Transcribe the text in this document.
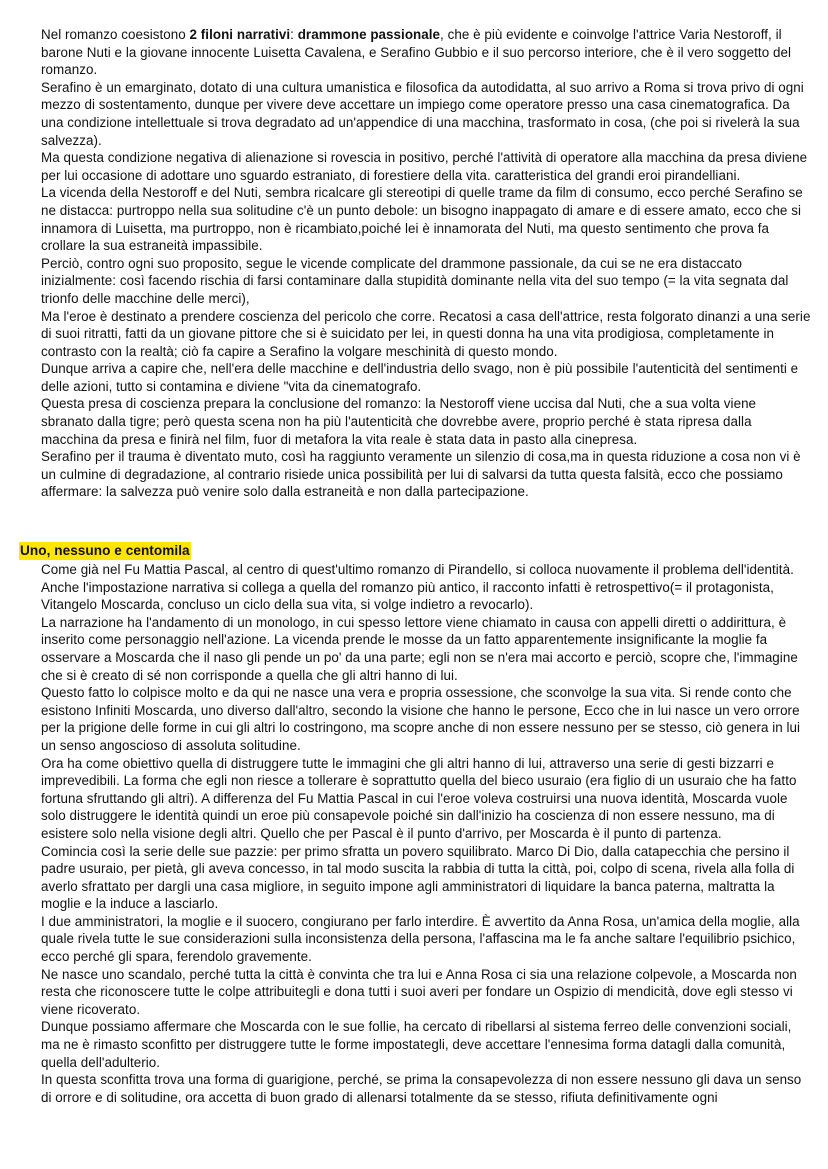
Nel romanzo coesistono 2 filoni narrativi: drammone passionale, che è più evidente e coinvolge l'attrice Varia Nestoroff, il barone Nuti e la giovane innocente Luisetta Cavalena, e Serafino Gubbio e il suo percorso interiore, che è il vero soggetto del romanzo.

Serafino è un emarginato, dotato di una cultura umanistica e filosofica da autodidatta, al suo arrivo a Roma si trova privo di ogni mezzo di sostentamento, dunque per vivere deve accettare un impiego come operatore presso una casa cinematografica. Da una condizione intellettuale si trova degradato ad un'appendice di una macchina, trasformato in cosa, (che poi si rivelerà la sua salvezza).

Ma questa condizione negativa di alienazione si rovescia in positivo, perché l'attività di operatore alla macchina da presa diviene per lui occasione di adottare uno sguardo estraniato, di forestiere della vita. caratteristica del grandi eroi pirandelliani.

La vicenda della Nestoroff e del Nuti, sembra ricalcare gli stereotipi di quelle trame da film di consumo, ecco perché Serafino se ne distacca: purtroppo nella sua solitudine c'è un punto debole: un bisogno inappagato di amare e di essere amato, ecco che si innamora di Luisetta, ma purtroppo, non è ricambiato,poiché lei è innamorata del Nuti, ma questo sentimento che prova fa crollare la sua estraneità impassibile.

Perciò, contro ogni suo proposito, segue le vicende complicate del drammone passionale, da cui se ne era distaccato inizialmente: così facendo rischia di farsi contaminare dalla stupidità dominante nella vita del suo tempo (= la vita segnata dal trionfo delle macchine delle merci),

Ma l'eroe è destinato a prendere coscienza del pericolo che corre. Recatosi a casa dell'attrice, resta folgorato dinanzi a una serie di suoi ritratti, fatti da un giovane pittore che si è suicidato per lei, in questi donna ha una vita prodigiosa, completamente in contrasto con la realtà; ciò fa capire a Serafino la volgare meschinità di questo mondo.

Dunque arriva a capire che, nell'era delle macchine e dell'industria dello svago, non è più possibile l'autenticità del sentimenti e delle azioni, tutto si contamina e diviene "vita da cinematografo.

Questa presa di coscienza prepara la conclusione del romanzo: la Nestoroff viene uccisa dal Nuti, che a sua volta viene sbranato dalla tigre; però questa scena non ha più l'autenticità che dovrebbe avere, proprio perché è stata ripresa dalla macchina da presa e finirà nel film, fuor di metafora la vita reale è stata data in pasto alla cinepresa.

Serafino per il trauma è diventato muto, così ha raggiunto veramente un silenzio di cosa,ma in questa riduzione a cosa non vi è un culmine di degradazione, al contrario risiede unica possibilità per lui di salvarsi da tutta questa falsità, ecco che possiamo affermare: la salvezza può venire solo dalla estraneità e non dalla partecipazione.

Uno, nessuno e centomila

Come già nel Fu Mattia Pascal, al centro di quest'ultimo romanzo di Pirandello, si colloca nuovamente il problema dell'identità. Anche l'impostazione narrativa si collega a quella del romanzo più antico, il racconto infatti è retrospettivo(= il protagonista, Vitangelo Moscarda, concluso un ciclo della sua vita, si volge indietro a revocarlo).

La narrazione ha l'andamento di un monologo, in cui spesso lettore viene chiamato in causa con appelli diretti o addirittura, è inserito come personaggio nell'azione. La vicenda prende le mosse da un fatto apparentemente insignificante la moglie fa osservare a Moscarda che il naso gli pende un po' da una parte; egli non se n'era mai accorto e perciò, scopre che, l'immagine che si è creato di sé non corrisponde a quella che gli altri hanno di lui.

Questo fatto lo colpisce molto e da qui ne nasce una vera e propria ossessione, che sconvolge la sua vita. Si rende conto che esistono Infiniti Moscarda, uno diverso dall'altro, secondo la visione che hanno le persone, Ecco che in lui nasce un vero orrore per la prigione delle forme in cui gli altri lo costringono, ma scopre anche di non essere nessuno per se stesso, ciò genera in lui un senso angoscioso di assoluta solitudine.

Ora ha come obiettivo quella di distruggere tutte le immagini che gli altri hanno di lui, attraverso una serie di gesti bizzarri e imprevedibili. La forma che egli non riesce a tollerare è soprattutto quella del bieco usuraio (era figlio di un usuraio che ha fatto fortuna sfruttando gli altri). A differenza del Fu Mattia Pascal in cui l'eroe voleva costruirsi una nuova identità, Moscarda vuole solo distruggere le identità quindi un eroe più consapevole poiché sin dall'inizio ha coscienza di non essere nessuno, ma di esistere solo nella visione degli altri. Quello che per Pascal è il punto d'arrivo, per Moscarda è il punto di partenza.

Comincia così la serie delle sue pazzie: per primo sfratta un povero squilibrato. Marco Di Dio, dalla catapecchia che persino il padre usuraio, per pietà, gli aveva concesso, in tal modo suscita la rabbia di tutta la città, poi, colpo di scena, rivela alla folla di averlo sfrattato per dargli una casa migliore, in seguito impone agli amministratori di liquidare la banca paterna, maltratta la moglie e la induce a lasciarlo.

I due amministratori, la moglie e il suocero, congiurano per farlo interdire. È avvertito da Anna Rosa, un'amica della moglie, alla quale rivela tutte le sue considerazioni sulla inconsistenza della persona, l'affascina ma le fa anche saltare l'equilibrio psichico, ecco perché gli spara, ferendolo gravemente.

Ne nasce uno scandalo, perché tutta la città è convinta che tra lui e Anna Rosa ci sia una relazione colpevole, a Moscarda non resta che riconoscere tutte le colpe attribuitegli e dona tutti i suoi averi per fondare un Ospizio di mendicità, dove egli stesso vi viene ricoverato.

Dunque possiamo affermare che Moscarda con le sue follie, ha cercato di ribellarsi al sistema ferreo delle convenzioni sociali, ma ne è rimasto sconfitto per distruggere tutte le forme impostategli, deve accettare l'ennesima forma datagli dalla comunità, quella dell'adulterio.

In questa sconfitta trova una forma di guarigione, perché, se prima la consapevolezza di non essere nessuno gli dava un senso di orrore e di solitudine, ora accetta di buon grado di allenarsi totalmente da se stesso, rifiuta definitivamente ogni
